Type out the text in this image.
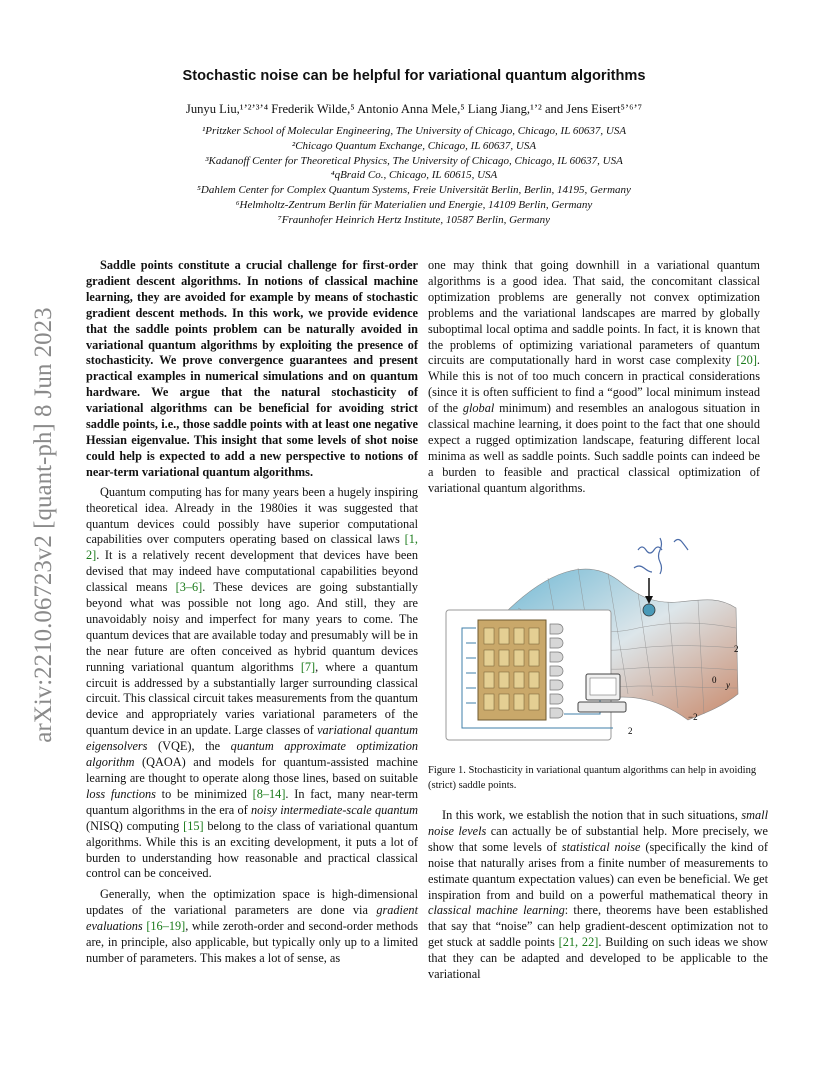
arXiv:2210.06723v2 [quant-ph] 8 Jun 2023
Stochastic noise can be helpful for variational quantum algorithms
Junyu Liu,¹ʼ²ʼ³ʼ⁴ Frederik Wilde,⁵ Antonio Anna Mele,⁵ Liang Jiang,¹ʼ² and Jens Eisert⁵ʼ⁶ʼ⁷
¹Pritzker School of Molecular Engineering, The University of Chicago, Chicago, IL 60637, USA
²Chicago Quantum Exchange, Chicago, IL 60637, USA
³Kadanoff Center for Theoretical Physics, The University of Chicago, Chicago, IL 60637, USA
⁴qBraid Co., Chicago, IL 60615, USA
⁵Dahlem Center for Complex Quantum Systems, Freie Universität Berlin, Berlin, 14195, Germany
⁶Helmholtz-Zentrum Berlin für Materialien und Energie, 14109 Berlin, Germany
⁷Fraunhofer Heinrich Hertz Institute, 10587 Berlin, Germany

Saddle points constitute a crucial challenge for first-order gradient descent algorithms. In notions of classical machine learning, they are avoided for example by means of stochastic gradient descent methods. In this work, we provide evidence that the saddle points problem can be naturally avoided in variational quantum algorithms by exploiting the presence of stochasticity. We prove convergence guarantees and present practical examples in numerical simulations and on quantum hardware. We argue that the natural stochasticity of variational algorithms can be beneficial for avoiding strict saddle points, i.e., those saddle points with at least one negative Hessian eigenvalue. This insight that some levels of shot noise could help is expected to add a new perspective to notions of near-term variational quantum algorithms.

Quantum computing has for many years been a hugely inspiring theoretical idea. Already in the 1980ies it was suggested that quantum devices could possibly have superior computational capabilities over computers operating based on classical laws [1, 2]. It is a relatively recent development that devices have been devised that may indeed have computational capabilities beyond classical means [3–6]. These devices are going substantially beyond what was possible not long ago. And still, they are unavoidably noisy and imperfect for many years to come. The quantum devices that are available today and presumably will be in the near future are often conceived as hybrid quantum devices running variational quantum algorithms [7], where a quantum circuit is addressed by a substantially larger surrounding classical circuit. This classical circuit takes measurements from the quantum device and appropriately varies variational parameters of the quantum device in an update. Large classes of variational quantum eigensolvers (VQE), the quantum approximate optimization algorithm (QAOA) and models for quantum-assisted machine learning are thought to operate along those lines, based on suitable loss functions to be minimized [8–14]. In fact, many near-term quantum algorithms in the era of noisy intermediate-scale quantum (NISQ) computing [15] belong to the class of variational quantum algorithms. While this is an exciting development, it puts a lot of burden to understanding how reasonable and practical classical control can be conceived.

Generally, when the optimization space is high-dimensional updates of the variational parameters are done via gradient evaluations [16–19], while zeroth-order and second-order methods are, in principle, also applicable, but typically only up to a limited number of parameters. This makes a lot of sense, as

one may think that going downhill in a variational quantum algorithms is a good idea. That said, the concomitant classical optimization problems are generally not convex optimization problems and the variational landscapes are marred by globally suboptimal local optima and saddle points. In fact, it is known that the problems of optimizing variational parameters of quantum circuits are computationally hard in worst case complexity [20]. While this is not of too much concern in practical considerations (since it is often sufficient to find a “good” local minimum instead of the global minimum) and resembles an analogous situation in classical machine learning, it does point to the fact that one should expect a rugged optimization landscape, featuring different local minima as well as saddle points. Such saddle points can indeed be a burden to feasible and practical classical optimization of variational quantum algorithms.

2
0 y
−2
2
Figure 1. Stochasticity in variational quantum algorithms can help in avoiding (strict) saddle points.

In this work, we establish the notion that in such situations, small noise levels can actually be of substantial help. More precisely, we show that some levels of statistical noise (specifically the kind of noise that naturally arises from a finite number of measurements to estimate quantum expectation values) can even be beneficial. We get inspiration from and build on a powerful mathematical theory in classical machine learning: there, theorems have been established that say that “noise” can help gradient-descent optimization not to get stuck at saddle points [21, 22]. Building on such ideas we show that they can be adapted and developed to be applicable to the variational
